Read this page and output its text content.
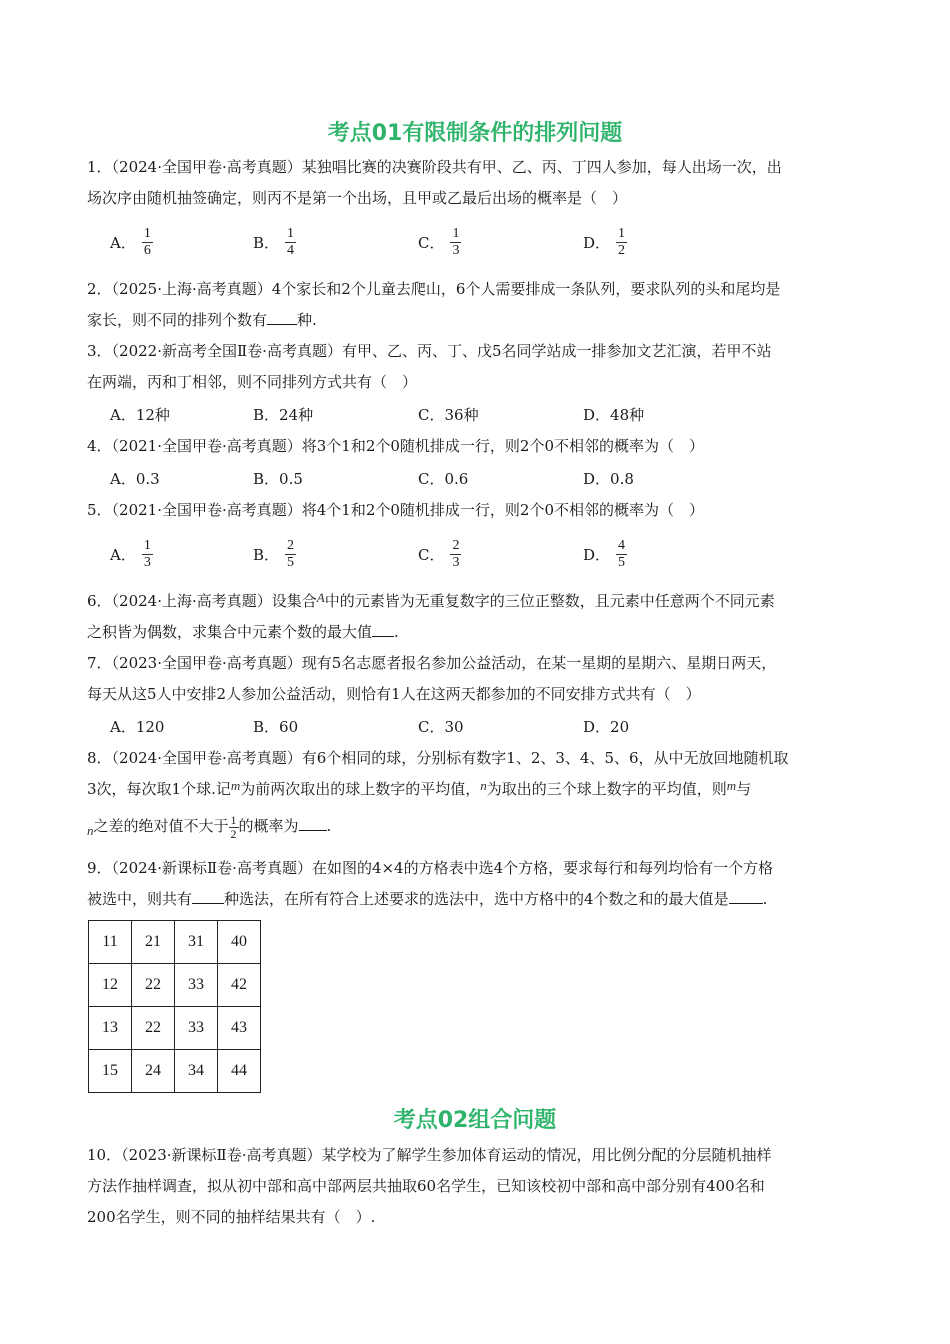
考点01有限制条件的排列问题
1．（2024·全国甲卷·高考真题）某独唱比赛的决赛阶段共有甲、乙、丙、丁四人参加，每人出场一次，出
场次序由随机抽签确定，则丙不是第一个出场，且甲或乙最后出场的概率是（　）
A． $\frac{1}{6}$	B． $\frac{1}{4}$	C． $\frac{1}{3}$	D． $\frac{1}{2}$
2．（2025·上海·高考真题）4个家长和2个儿童去爬山，6个人需要排成一条队列，要求队列的头和尾均是
家长，则不同的排列个数有 种.
3．（2022·新高考全国Ⅱ卷·高考真题）有甲、乙、丙、丁、戊5名同学站成一排参加文艺汇演，若甲不站
在两端，丙和丁相邻，则不同排列方式共有（　）
A．12种	B．24种	C．36种	D．48种
4．（2021·全国甲卷·高考真题）将3个1和2个0随机排成一行，则2个0不相邻的概率为（　）
A．0.3	B．0.5	C．0.6	D．0.8
5．（2021·全国甲卷·高考真题）将4个1和2个0随机排成一行，则2个0不相邻的概率为（　）
A． $\frac{1}{3}$	B． $\frac{2}{5}$	C． $\frac{2}{3}$	D． $\frac{4}{5}$
6．（2024·上海·高考真题）设集合A中的元素皆为无重复数字的三位正整数，且元素中任意两个不同元素
之积皆为偶数，求集合中元素个数的最大值 .
7．（2023·全国甲卷·高考真题）现有5名志愿者报名参加公益活动，在某一星期的星期六、星期日两天，
每天从这5人中安排2人参加公益活动，则恰有1人在这两天都参加的不同安排方式共有（　）
A．120	B．60	C．30	D．20
8．（2024·全国甲卷·高考真题）有6个相同的球，分别标有数字1、2、3、4、5、6，从中无放回地随机取
3次，每次取1个球.记m为前两次取出的球上数字的平均值，n为取出的三个球上数字的平均值，则m与
n之差的绝对值不大于 $\frac{1}{2}$ 的概率为 .
9．（2024·新课标Ⅱ卷·高考真题）在如图的4×4的方格表中选4个方格，要求每行和每列均恰有一个方格
被选中，则共有 种选法，在所有符合上述要求的选法中，选中方格中的4个数之和的最大值是 .
11	21	31	40
12	22	33	42
13	22	33	43
15	24	34	44
考点02组合问题
10．（2023·新课标Ⅱ卷·高考真题）某学校为了解学生参加体育运动的情况，用比例分配的分层随机抽样
方法作抽样调查，拟从初中部和高中部两层共抽取60名学生，已知该校初中部和高中部分别有400名和
200名学生，则不同的抽样结果共有（　）.
